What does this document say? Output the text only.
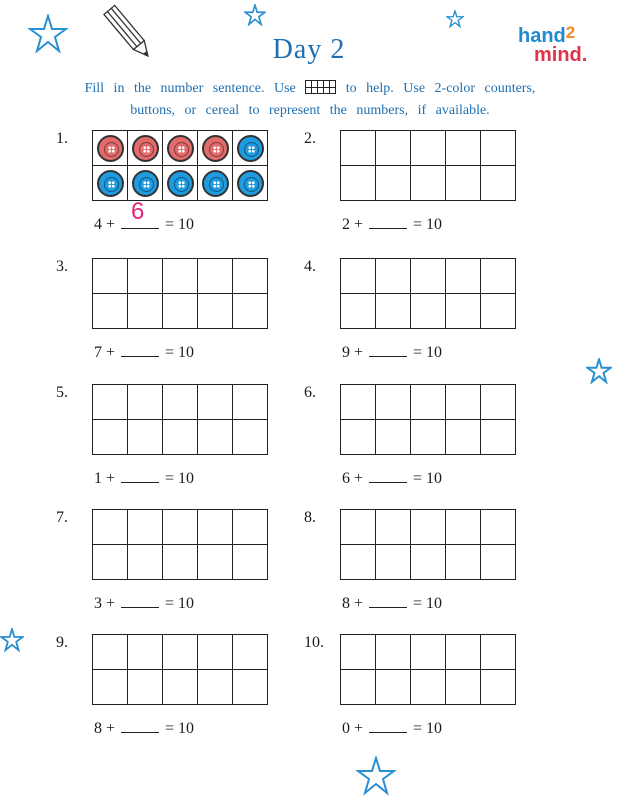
Day 2	hand$^2$
mind.
Fill in the number sentence. Use	to help. Use 2-color counters,
buttons, or cereal to represent the numbers, if available.
1.
4 + 6 = 10
2.
2 +	= 10
3.
7 +	= 10
4.
9 +	= 10
5.
1 +	= 10
6.
6 +	= 10
7.
3 +	= 10
8.
8 +	= 10
9.
8 +	= 10
10.
0 +	= 10
